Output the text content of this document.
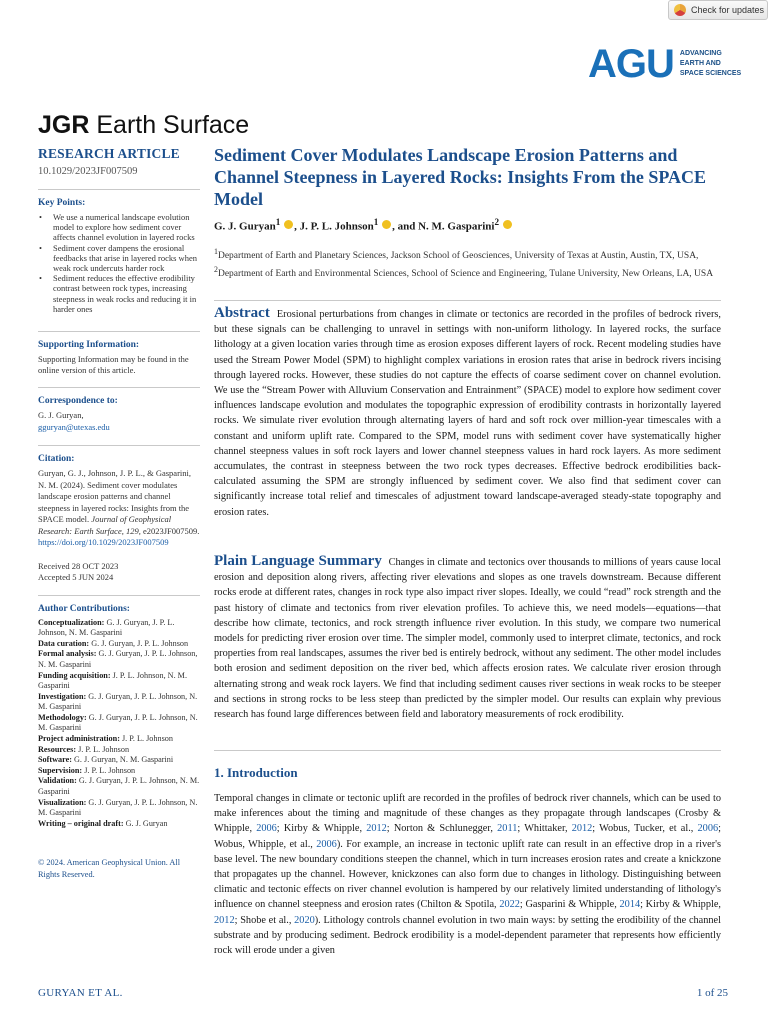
Check for updates
AGU ADVANCING
EARTH AND
SPACE SCIENCES
JGR Earth Surface
RESEARCH ARTICLE
10.1029/2023JF007509
Key Points:
• We use a numerical landscape evolution model to explore how sediment cover affects channel evolution in layered rocks
• Sediment cover dampens the erosional feedbacks that arise in layered rocks when weak rock undercuts harder rock
• Sediment reduces the effective erodibility contrast between rock types, increasing steepness in weak rocks and reducing it in harder ones
Supporting Information:
Supporting Information may be found in the online version of this article.
Correspondence to:
G. J. Guryan,
gguryan@utexas.edu
Citation:
Guryan, G. J., Johnson, J. P. L., & Gasparini, N. M. (2024). Sediment cover modulates landscape erosion patterns and channel steepness in layered rocks: Insights from the SPACE model. Journal of Geophysical Research: Earth Surface, 129, e2023JF007509. https://doi.org/10.1029/2023JF007509
Received 28 OCT 2023
Accepted 5 JUN 2024
Author Contributions:
Conceptualization: G. J. Guryan, J. P. L. Johnson, N. M. Gasparini
Data curation: G. J. Guryan, J. P. L. Johnson
Formal analysis: G. J. Guryan, J. P. L. Johnson, N. M. Gasparini
Funding acquisition: J. P. L. Johnson, N. M. Gasparini
Investigation: G. J. Guryan, J. P. L. Johnson, N. M. Gasparini
Methodology: G. J. Guryan, J. P. L. Johnson, N. M. Gasparini
Project administration: J. P. L. Johnson
Resources: J. P. L. Johnson
Software: G. J. Guryan, N. M. Gasparini
Supervision: J. P. L. Johnson
Validation: G. J. Guryan, J. P. L. Johnson, N. M. Gasparini
Visualization: G. J. Guryan, J. P. L. Johnson, N. M. Gasparini
Writing – original draft: G. J. Guryan
© 2024. American Geophysical Union. All Rights Reserved.
Sediment Cover Modulates Landscape Erosion Patterns and Channel Steepness in Layered Rocks: Insights From the SPACE Model
G. J. Guryan$^1$ , J. P. L. Johnson$^1$ , and N. M. Gasparini$^2$
$^1$Department of Earth and Planetary Sciences, Jackson School of Geosciences, University of Texas at Austin, Austin, TX, USA, $^2$Department of Earth and Environmental Sciences, School of Science and Engineering, Tulane University, New Orleans, LA, USA
Abstract Erosional perturbations from changes in climate or tectonics are recorded in the profiles of bedrock rivers, but these signals can be challenging to unravel in settings with non-uniform lithology. In layered rocks, the surface lithology at a given location varies through time as erosion exposes different layers of rock. Recent modeling studies have used the Stream Power Model (SPM) to highlight complex variations in erosion rates that arise in bedrock rivers incising through layered rocks. However, these studies do not capture the effects of coarse sediment cover on channel evolution. We use the “Stream Power with Alluvium Conservation and Entrainment” (SPACE) model to explore how sediment cover influences landscape evolution and modulates the topographic expression of erodibility contrasts in horizontally layered rocks. We simulate river evolution through alternating layers of hard and soft rock over million-year timescales with a constant and uniform uplift rate. Compared to the SPM, model runs with sediment cover have systematically higher channel steepness values in soft rock layers and lower channel steepness values in hard rock layers. As more sediment accumulates, the contrast in steepness between the two rock types decreases. Effective bedrock erodibilities back-calculated assuming the SPM are strongly influenced by sediment cover. We also find that sediment cover can significantly increase total relief and timescales of adjustment toward landscape-averaged steady-state topography and erosion rates.
Plain Language Summary Changes in climate and tectonics over thousands to millions of years cause local erosion and deposition along rivers, affecting river elevations and slopes as one travels downstream. Because different rocks erode at different rates, changes in rock type also impact river slopes. Ideally, we could “read” rock strength and the past history of climate and tectonics from river elevation profiles. To achieve this, we need models—equations—that describe how climate, tectonics, and rock strength influence river evolution. In this study, we compare two numerical models for predicting river erosion over time. The simpler model, commonly used to interpret climate, tectonics, and rock properties from real landscapes, assumes the river bed is entirely bedrock, without any sediment. The other model includes both erosion and sediment deposition on the river bed, which affects erosion rates. We calculate river erosion through alternating strong and weak rock layers. We find that including sediment causes river sections in weak rocks to be steeper and sections in strong rocks to be less steep than predicted by the simpler model. Our results can explain why previous research has found large differences between field and laboratory measurements of rock erodibility.
1. Introduction
Temporal changes in climate or tectonic uplift are recorded in the profiles of bedrock river channels, which can be used to make inferences about the timing and magnitude of these changes as they propagate through landscapes (Crosby & Whipple, 2006; Kirby & Whipple, 2012; Norton & Schlunegger, 2011; Whittaker, 2012; Wobus, Tucker, et al., 2006; Wobus, Whipple, et al., 2006). For example, an increase in tectonic uplift rate can result in an effective drop in a river's base level. The new boundary conditions steepen the channel, which in turn increases erosion rates and create a knickzone that propagates up the channel. However, knickzones can also form due to changes in lithology. Distinguishing between climatic and tectonic effects on river channel evolution is hampered by our relatively limited understanding of lithology's influence on channel steepness and erosion rates (Chilton & Spotila, 2022; Gasparini & Whipple, 2014; Kirby & Whipple, 2012; Shobe et al., 2020). Lithology controls channel evolution in two main ways: by setting the erodibility of the channel substrate and by producing sediment. Bedrock erodibility is a model-dependent parameter that represents how efficiently rock will erode under a given
GURYAN ET AL.	1 of 25
